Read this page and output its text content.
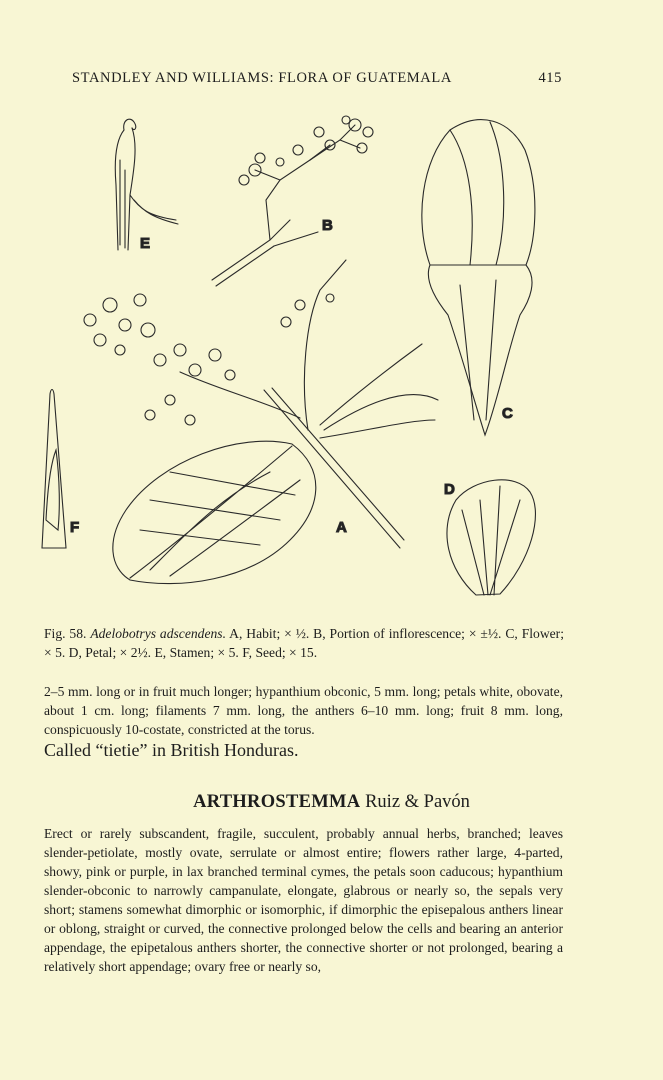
STANDLEY AND WILLIAMS: FLORA OF GUATEMALA	415
E
B
A
C
D
F
Fig. 58. Adelobotrys adscendens. A, Habit; × ½. B, Portion of inflorescence; × ±½. C, Flower; × 5. D, Petal; × 2½. E, Stamen; × 5. F, Seed; × 15.
2–5 mm. long or in fruit much longer; hypanthium obconic, 5 mm. long; petals white, obovate, about 1 cm. long; filaments 7 mm. long, the anthers 6–10 mm. long; fruit 8 mm. long, conspicuously 10-costate, constricted at the torus.
Called “tietie” in British Honduras.
ARTHROSTEMMA Ruiz & Pavón
Erect or rarely subscandent, fragile, succulent, probably annual herbs, branched; leaves slender-petiolate, mostly ovate, serrulate or almost entire; flowers rather large, 4-parted, showy, pink or purple, in lax branched terminal cymes, the petals soon caducous; hypanthium slender-obconic to narrowly campanulate, elongate, glabrous or nearly so, the sepals very short; stamens somewhat dimorphic or isomorphic, if dimorphic the episepalous anthers linear or oblong, straight or curved, the connective prolonged below the cells and bearing an anterior appendage, the epipetalous anthers shorter, the connective shorter or not prolonged, bearing a relatively short appendage; ovary free or nearly so,
